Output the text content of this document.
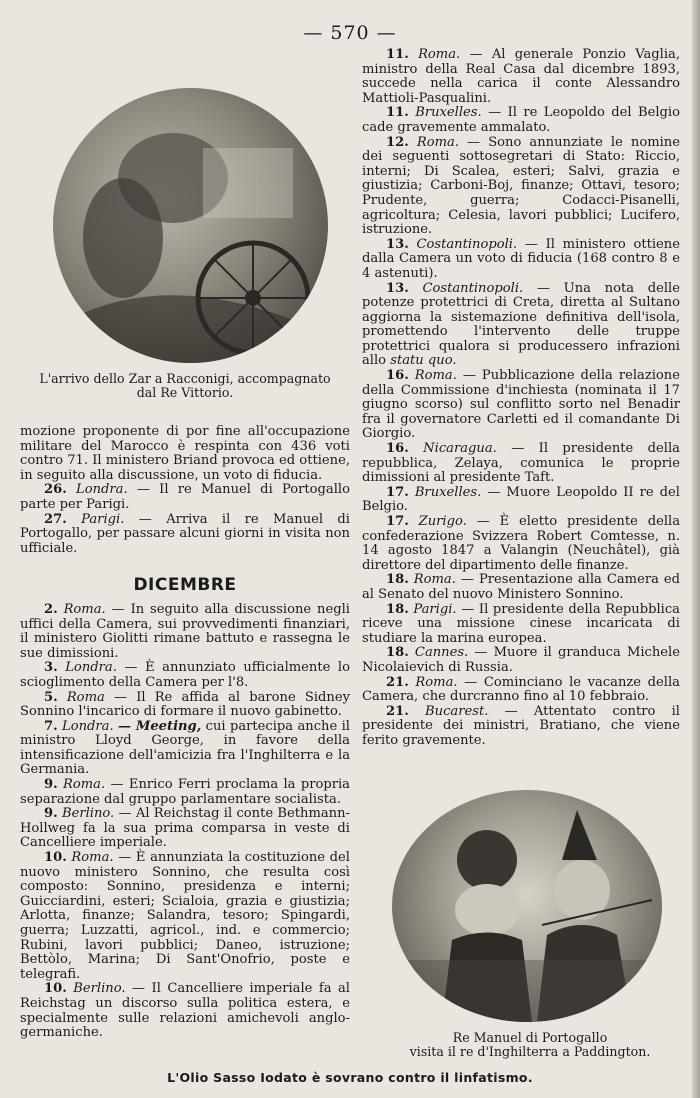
— 570 —
L'arrivo dello Zar a Racconigi, accompagnato
dal Re Vittorio.

mozione proponente di por fine all'occupazione militare del Marocco è respinta con 436 voti contro 71. Il ministero Briand provoca ed ottiene, in seguito alla discussione, un voto di fiducia.

26. Londra. — Il re Manuel di Portogallo parte per Parigi.

27. Parigi. — Arriva il re Manuel di Portogallo, per passare alcuni giorni in visita non ufficiale.

DICEMBRE

2. Roma. — In seguito alla discussione negli uffici della Camera, sui provvedimenti finanziari, il ministero Giolitti rimane battuto e rassegna le sue dimissioni.

3. Londra. — È annunziato ufficialmente lo scioglimento della Camera per l'8.

5. Roma — Il Re affida al barone Sidney Sonnino l'incarico di formare il nuovo gabinetto.

7. Londra. — Meeting, cui partecipa anche il ministro Lloyd George, in favore della intensificazione dell'amicizia fra l'Inghilterra e la Germania.

9. Roma. — Enrico Ferri proclama la propria separazione dal gruppo parlamentare socialista.

9. Berlino. — Al Reichstag il conte Bethmann-Hollweg fa la sua prima comparsa in veste di Cancelliere imperiale.

10. Roma. — È annunziata la costituzione del nuovo ministero Sonnino, che resulta così composto: Sonnino, presidenza e interni; Guicciardini, esteri; Scialoia, grazia e giustizia; Arlotta, finanze; Salandra, tesoro; Spingardi, guerra; Luzzatti, agricol., ind. e commercio; Rubini, lavori pubblici; Daneo, istruzione; Bettòlo, Marina; Di Sant'Onofrio, poste e telegrafi.

10. Berlino. — Il Cancelliere imperiale fa al Reichstag un discorso sulla politica estera, e specialmente sulle relazioni amichevoli anglo-germaniche.

11. Roma. — Al generale Ponzio Vaglia, ministro della Real Casa dal dicembre 1893, succede nella carica il conte Alessandro Mattioli-Pasqualini.

11. Bruxelles. — Il re Leopoldo del Belgio cade gravemente ammalato.

12. Roma. — Sono annunziate le nomine dei seguenti sottosegretari di Stato: Riccio, interni; Di Scalea, esteri; Salvi, grazia e giustizia; Carboni-Boj, finanze; Ottavi, tesoro; Prudente, guerra; Codacci-Pisanelli, agricoltura; Celesia, lavori pubblici; Lucifero, istruzione.

13. Costantinopoli. — Il ministero ottiene dalla Camera un voto di fiducia (168 contro 8 e 4 astenuti).

13. Costantinopoli. — Una nota delle potenze protettrici di Creta, diretta al Sultano aggiorna la sistemazione definitiva dell'isola, promettendo l'intervento delle truppe protettrici qualora si producessero infrazioni allo statu quo.

16. Roma. — Pubblicazione della relazione della Commissione d'inchiesta (nominata il 17 giugno scorso) sul conflitto sorto nel Benadir fra il governatore Carletti ed il comandante Di Giorgio.

16. Nicaragua. — Il presidente della repubblica, Zelaya, comunica le proprie dimissioni al presidente Taft.

17. Bruxelles. — Muore Leopoldo II re del Belgio.

17. Zurigo. — È eletto presidente della confederazione Svizzera Robert Comtesse, n. 14 agosto 1847 a Valangin (Neuchâtel), già direttore del dipartimento delle finanze.

18. Roma. — Presentazione alla Camera ed al Senato del nuovo Ministero Sonnino.

18. Parigi. — Il presidente della Repubblica riceve una missione cinese incaricata di studiare la marina europea.

18. Cannes. — Muore il granduca Michele Nicolaievich di Russia.

21. Roma. — Cominciano le vacanze della Camera, che durcranno fino al 10 febbraio.

21. Bucarest. — Attentato contro il presidente dei ministri, Bratiano, che viene ferito gravemente.

Re Manuel di Portogallo
visita il re d'Inghilterra a Paddington.
L'Olio Sasso Iodato è sovrano contro il linfatismo.
